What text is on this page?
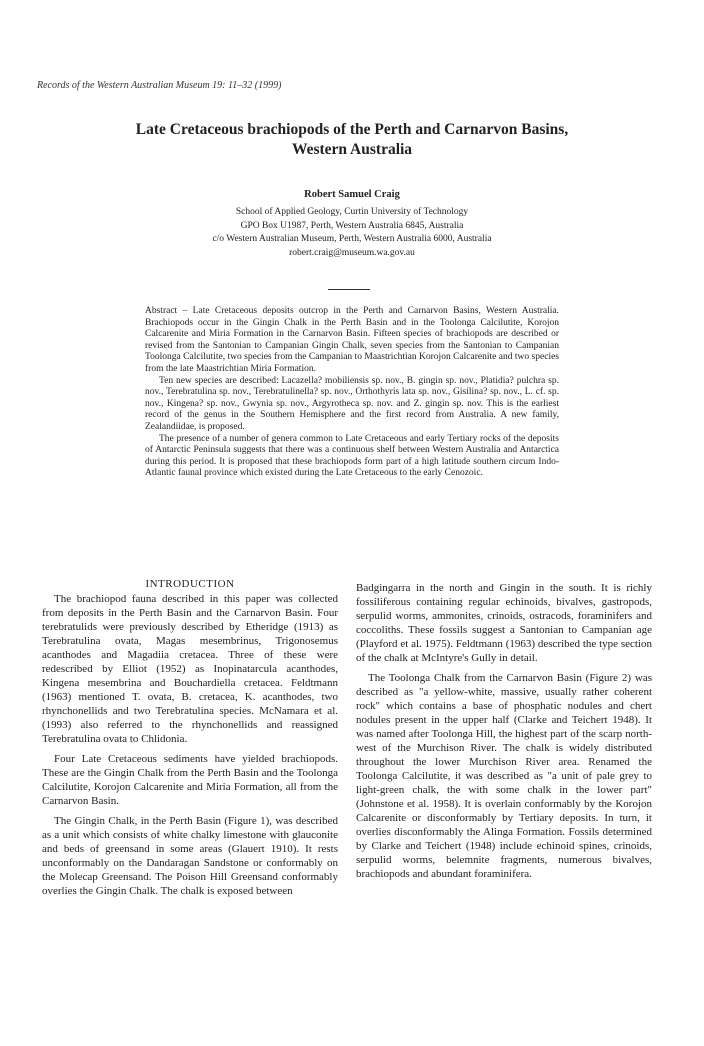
Records of the Western Australian Museum 19: 11–32 (1999)
Late Cretaceous brachiopods of the Perth and Carnarvon Basins, Western Australia
Robert Samuel Craig
School of Applied Geology, Curtin University of Technology
GPO Box U1987, Perth, Western Australia 6845, Australia
c/o Western Australian Museum, Perth, Western Australia 6000, Australia
robert.craig@museum.wa.gov.au

Abstract – Late Cretaceous deposits outcrop in the Perth and Carnarvon Basins, Western Australia. Brachiopods occur in the Gingin Chalk in the Perth Basin and in the Toolonga Calcilutite, Korojon Calcarenite and Miria Formation in the Carnarvon Basin. Fifteen species of brachiopods are described or revised from the Santonian to Campanian Gingin Chalk, seven species from the Santonian to Campanian Toolonga Calcilutite, two species from the Campanian to Maastrichtian Korojon Calcarenite and two species from the late Maastrichtian Miria Formation.

Ten new species are described: Lacazella? mobiliensis sp. nov., B. gingin sp. nov., Platidia? pulchra sp. nov., Terebratulina sp. nov., Terebratulinella? sp. nov., Orthothyris lata sp. nov., Gisilina? sp. nov., L. cf. sp. nov., Kingena? sp. nov., Gwynia sp. nov., Argyrotheca sp. nov. and Z. gingin sp. nov. This is the earliest record of the genus in the Southern Hemisphere and the first record from Australia. A new family, Zealandiidae, is proposed.

The presence of a number of genera common to Late Cretaceous and early Tertiary rocks of the deposits of Antarctic Peninsula suggests that there was a continuous shelf between Western Australia and Antarctica during this period. It is proposed that these brachiopods form part of a high latitude southern circum Indo-Atlantic faunal province which existed during the Late Cretaceous to the early Cenozoic.

INTRODUCTION

The brachiopod fauna described in this paper was collected from deposits in the Perth Basin and the Carnarvon Basin. Four terebratulids were previously described by Etheridge (1913) as Terebratulina ovata, Magas mesembrinus, Trigonosemus acanthodes and Magadiia cretacea. Three of these were redescribed by Elliot (1952) as Inopinatarcula acanthodes, Kingena mesembrina and Bouchardiella cretacea. Feldtmann (1963) mentioned T. ovata, B. cretacea, K. acanthodes, two rhynchonellids and two Terebratulina species. McNamara et al. (1993) also referred to the rhynchonellids and reassigned Terebratulina ovata to Chlidonia.

Four Late Cretaceous sediments have yielded brachiopods. These are the Gingin Chalk from the Perth Basin and the Toolonga Calcilutite, Korojon Calcarenite and Miria Formation, all from the Carnarvon Basin.

The Gingin Chalk, in the Perth Basin (Figure 1), was described as a unit which consists of white chalky limestone with glauconite and beds of greensand in some areas (Glauert 1910). It rests unconformably on the Dandaragan Sandstone or conformably on the Molecap Greensand. The Poison Hill Greensand conformably overlies the Gingin Chalk. The chalk is exposed between

Badgingarra in the north and Gingin in the south. It is richly fossiliferous containing regular echinoids, bivalves, gastropods, serpulid worms, ammonites, crinoids, ostracods, foraminifers and coccoliths. These fossils suggest a Santonian to Campanian age (Playford et al. 1975). Feldtmann (1963) described the type section of the chalk at McIntyre's Gully in detail.

The Toolonga Chalk from the Carnarvon Basin (Figure 2) was described as "a yellow-white, massive, usually rather coherent rock" which contains a base of phosphatic nodules and chert nodules present in the upper half (Clarke and Teichert 1948). It was named after Toolonga Hill, the highest part of the scarp north-west of the Murchison River. The chalk is widely distributed throughout the lower Murchison River area. Renamed the Toolonga Calcilutite, it was described as "a unit of pale grey to light-green chalk, the with some chalk in the lower part" (Johnstone et al. 1958). It is overlain conformably by the Korojon Calcarenite or disconformably by Tertiary deposits. In turn, it overlies disconformably the Alinga Formation. Fossils determined by Clarke and Teichert (1948) include echinoid spines, crinoids, serpulid worms, belemnite fragments, numerous bivalves, brachiopods and abundant foraminifera.
